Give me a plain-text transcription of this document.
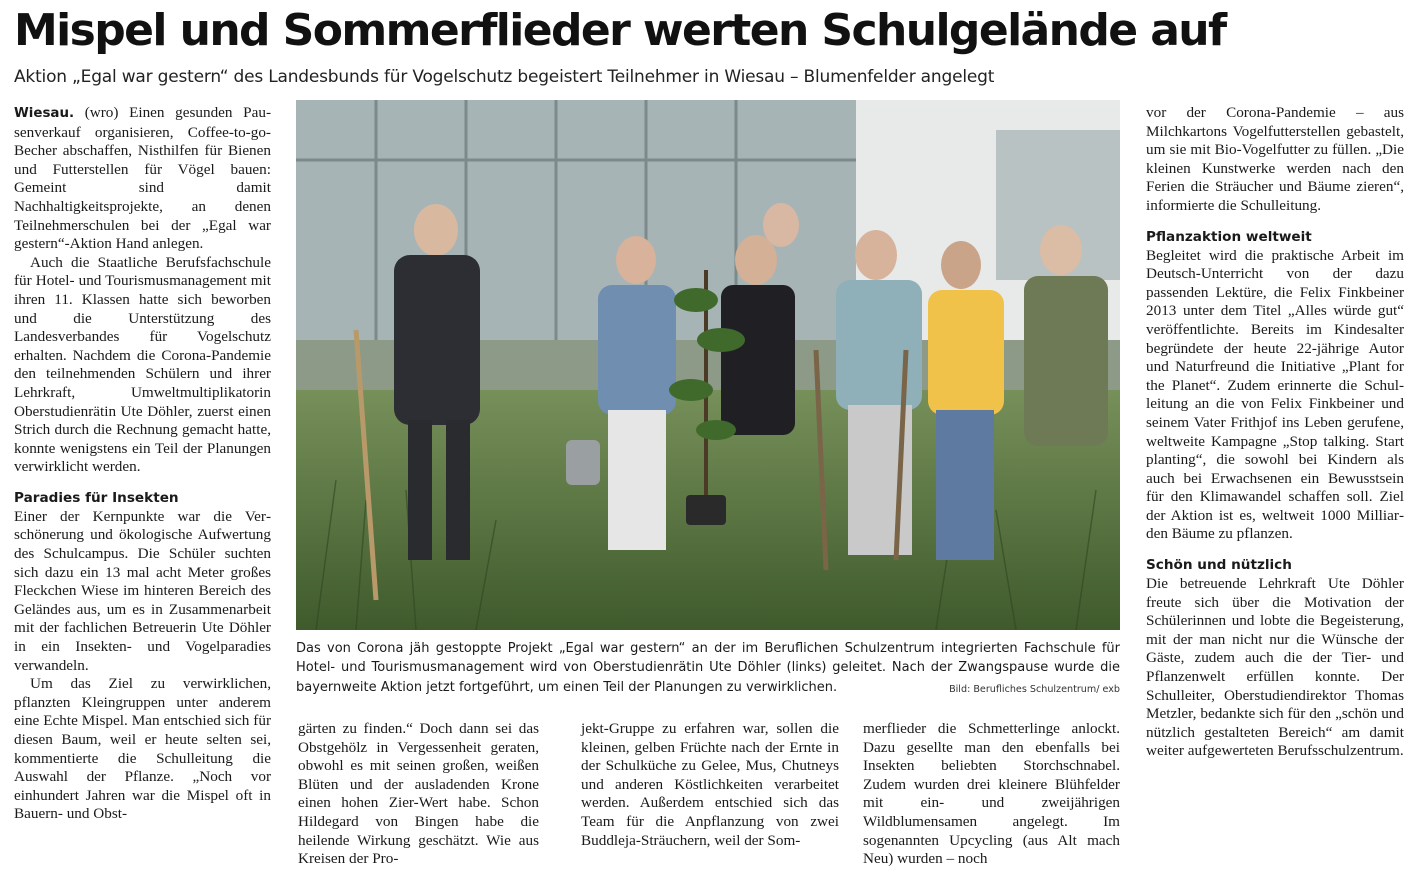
Mispel und Sommerflieder werten Schulgelände auf
Aktion „Egal war gestern“ des Landesbunds für Vogelschutz begeistert Teilnehmer in Wiesau – Blumenfelder angelegt

Wiesau. (wro) Einen gesunden Pausenverkauf organisieren, Coffee-to-go-Becher abschaffen, Nisthilfen für Bienen und Futterstellen für Vögel bauen: Gemeint sind damit Nachhaltigkeitsprojekte, an denen Teilnehmerschulen bei der „Egal war gestern“-Aktion Hand anlegen.

Auch die Staatliche Berufsfachschule für Hotel- und Tourismusmanagement mit ihren 11. Klassen hatte sich beworben und die Unterstützung des Landesverbandes für Vogelschutz erhalten. Nachdem die Corona-Pandemie den teilnehmenden Schülern und ihrer Lehrkraft, Umweltmultiplikatorin Oberstudienrätin Ute Döhler, zuerst einen Strich durch die Rechnung gemacht hatte, konnte wenigstens ein Teil der Planungen verwirklicht werden.

Paradies für Insekten

Einer der Kernpunkte war die Verschönerung und ökologische Aufwertung des Schulcampus. Die Schüler suchten sich dazu ein 13 mal acht Meter großes Fleckchen Wiese im hinteren Bereich des Geländes aus, um es in Zusammenarbeit mit der fachlichen Betreuerin Ute Döhler in ein Insekten- und Vogelparadies verwandeln.

Um das Ziel zu verwirklichen, pflanzten Kleingruppen unter anderem eine Echte Mispel. Man entschied sich für diesen Baum, weil er heute selten sei, kommentierte die Schulleitung die Auswahl der Pflanze. „Noch vor einhundert Jahren war die Mispel oft in Bauern- und Obst-

Das von Corona jäh gestoppte Projekt „Egal war gestern“ an der im Beruflichen Schulzentrum integrierten Fachschule für Hotel- und Tourismusmanagement wird von Oberstudienrätin Ute Döhler (links) geleitet. Nach der Zwangspause wurde die bayernweite Aktion jetzt fortgeführt, um einen Teil der Planungen zu verwirklichen.	Bild: Berufliches Schulzentrum/ exb

gärten zu finden.“ Doch dann sei das Obstgehölz in Vergessenheit geraten, obwohl es mit seinen großen, weißen Blüten und der ausladenden Krone einen hohen Zier-Wert habe. Schon Hildegard von Bingen habe die heilende Wirkung geschätzt. Wie aus Kreisen der Pro-

jekt-Gruppe zu erfahren war, sollen die kleinen, gelben Früchte nach der Ernte in der Schulküche zu Gelee, Mus, Chutneys und anderen Köstlichkeiten verarbeitet werden. Außerdem entschied sich das Team für die Anpflanzung von zwei Buddleja-Sträuchern, weil der Som-

merflieder die Schmetterlinge anlockt. Dazu gesellte man den ebenfalls bei Insekten beliebten Storchschnabel. Zudem wurden drei kleinere Blühfelder mit ein- und zweijährigen Wildblumensamen angelegt. Im sogenannten Upcycling (aus Alt mach Neu) wurden – noch

vor der Corona-Pandemie – aus Milchkartons Vogelfutterstellen gebastelt, um sie mit Bio-Vogelfutter zu füllen. „Die kleinen Kunstwerke werden nach den Ferien die Sträucher und Bäume zieren“, informierte die Schulleitung.

Pflanzaktion weltweit

Begleitet wird die praktische Arbeit im Deutsch-Unterricht von der dazu passenden Lektüre, die Felix Finkbeiner 2013 unter dem Titel „Alles würde gut“ veröffentlichte. Bereits im Kindesalter begründete der heute 22-jährige Autor und Naturfreund die Initiative „Plant for the Planet“. Zudem erinnerte die Schulleitung an die von Felix Finkbeiner und seinem Vater Frithjof ins Leben gerufene, weltweite Kampagne „Stop talking. Start planting“, die sowohl bei Kindern als auch bei Erwachsenen ein Bewusstsein für den Klimawandel schaffen soll. Ziel der Aktion ist es, weltweit 1000 Milliarden Bäume zu pflanzen.

Schön und nützlich

Die betreuende Lehrkraft Ute Döhler freute sich über die Motivation der Schülerinnen und lobte die Begeisterung, mit der man nicht nur die Wünsche der Gäste, zudem auch die der Tier- und Pflanzenwelt erfüllen konnte. Der Schulleiter, Oberstudiendirektor Thomas Metzler, bedankte sich für den „schön und nützlich gestalteten Bereich“ am damit weiter aufgewerteten Berufsschulzentrum.
